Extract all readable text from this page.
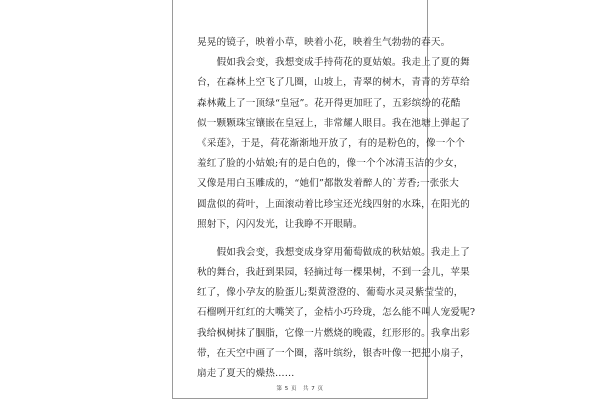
晃晃的镜子，映着小草，映着小花，映着生气勃勃的春天。
　　假如我会变，我想变成手持荷花的夏姑娘。我走上了夏的舞
台，在森林上空飞了几圈，山坡上，青翠的树木，青青的芳草给
森林戴上了一顶绿“皇冠”。花开得更加旺了，五彩缤纷的花酷
似一颗颗珠宝镶嵌在皇冠上，非常耀人眼目。我在池塘上弹起了
《采莲》，于是，荷花渐渐地开放了，有的是粉色的，像一个个
羞红了脸的小姑娘;有的是白色的，像一个个冰清玉洁的少女，
又像是用白玉雕成的，“她们”都散发着醉人的`芳香;一张张大
圆盘似的荷叶，上面滚动着比珍宝还光线四射的水珠，在阳光的
照射下，闪闪发光，让我睁不开眼睛。
　　假如我会变，我想变成身穿用葡萄做成的秋姑娘。我走上了
秋的舞台，我赶到果园，轻摘过每一棵果树，不到一会儿，苹果
红了，像小孕友的脸蛋儿;梨黄澄澄的、葡萄水灵灵紫莹莹的，
石榴咧开红红的大嘴笑了，金桔小巧玲珑，怎么能不叫人宠爱呢?
我给枫树抹了胭脂，它像一片燃烧的晚霞，红形形的。我拿出彩
带，在天空中画了一个圈，落叶缤纷，银杏叶像一把把小扇子，
扇走了夏天的燥热……
第 5 页　共 7 页
